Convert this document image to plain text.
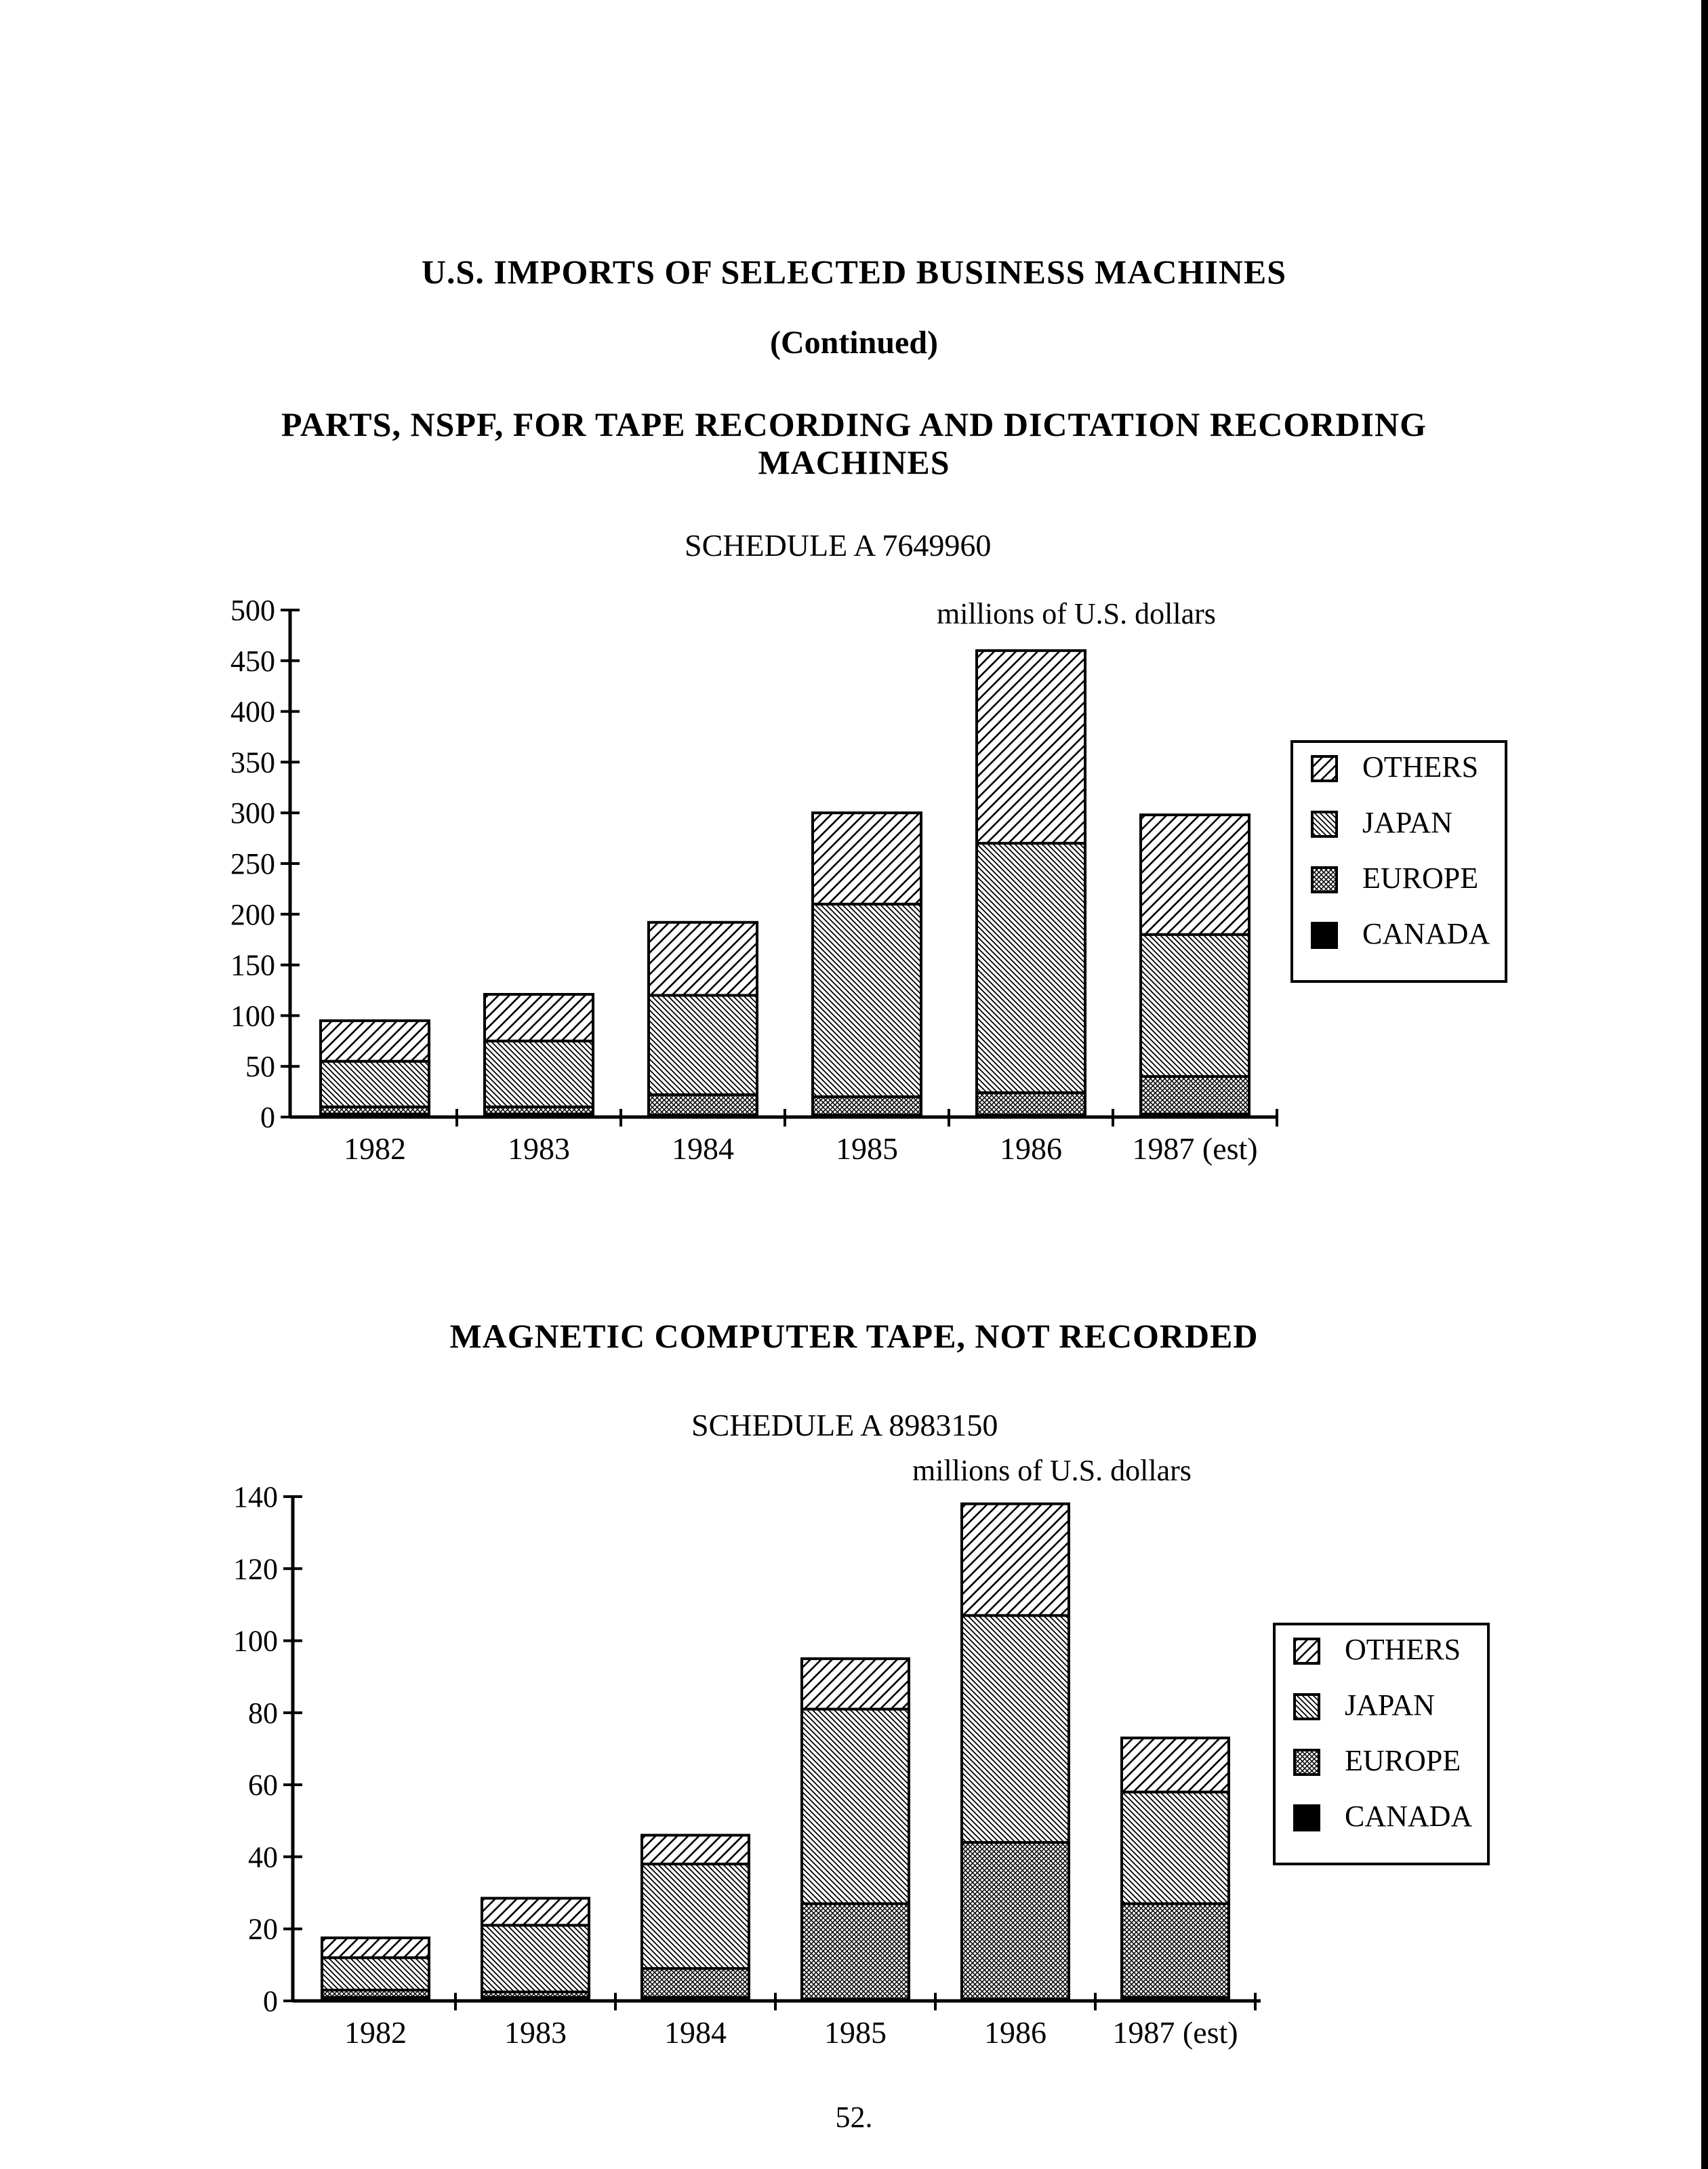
U.S. IMPORTS OF SELECTED BUSINESS MACHINES
(Continued)
PARTS, NSPF, FOR TAPE RECORDING AND DICTATION RECORDING MACHINES
SCHEDULE A 7649960
millions of U.S. dollars
0
50
100
150
200
250
300
350
400
450
500
1982	1983	1984	1985	1986 1987 (est)
OTHERS
JAPAN
EUROPE
CANADA
MAGNETIC COMPUTER TAPE, NOT RECORDED
SCHEDULE A 8983150
millions of U.S. dollars
0
20
40
60
80
100
120
140
1982	1983	1984	1985	1986 1987 (est)
OTHERS
JAPAN
EUROPE
CANADA
52.
